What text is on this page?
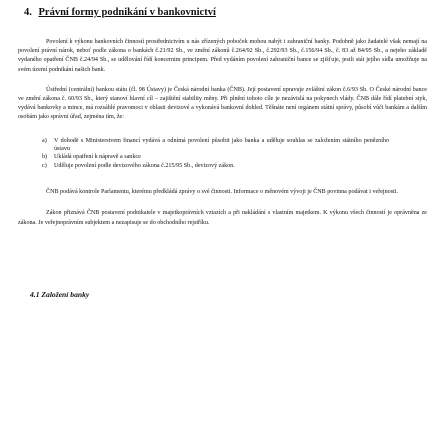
4. Právní formy podnikání v bankovnictví

Povolení k výkonu bankovních činností prostřednictvím u nás zřízených poboček mohou nabýt i zahraniční banky. Podobně jako žadatelé však nemají na povolení právní nárok, neboť podle zákona o bankách č.21/92 Sb., ve změní zákonů č.264/92 Sb., č.292/93 Sb., č.156/94 Sb., č. 83 až 84/95 Sb., a nejeho základě vydaného opatření ČNB č.24/94 Sb., se udělování řídí koncernim principem. Před vydáním povolení zahraniční bance se zjišťuje, jestli stát jejího sídla umožňuje na svém území podnikání našich bank.

Ústřední (centrální) bankou státu (čl. 98 Ústavy) je Česká národní banka (ČNB). Její postavení upravuje zvláštní zákon č.6/93 Sb. O České národní bance ve změní zákona č. 60/93 Sb., který stanoví hlavní cíl – zajištění stability měny. Při plnění tohoto cíle je nezávislá na pokynech vlády. ČNB dále řídí platební styk, vydává bankovky a mince, má rozsáhlé pravomoci v oblasti devizové a vykonává bankovní dohled. Těšnáte není orgánem státní správy, působí vůči bankám a dalším osobám jako správní úřad, zejména tím, že:

a) V dohodě s Ministerstvem financí vydává a odnímá povolení působit jako banka a uděluje souhlas se založením státního penězního ústavu
b) Ukládá opatření k nápravě a sankce
c) Uděluje povolení podle devizového zákona č.215/95 Sb., devizový zákon.

ČNB podává kontrole Parlamentu, kterému předkládá zprávy o své činnosti. Informace o měnovém vývoji je ČNB povinna podávat i veřejnosti.

Zákon přiznává ČNB postavení podnikatele v majetkoprávních vztazích a při nakládání s vlastním majetkem. K výkonu všech činností je oprávněna ze zákona. Je veřejnoprávním subjektem a nezapisuje se do obchodního rejstříku.

4.1 Založení banky
